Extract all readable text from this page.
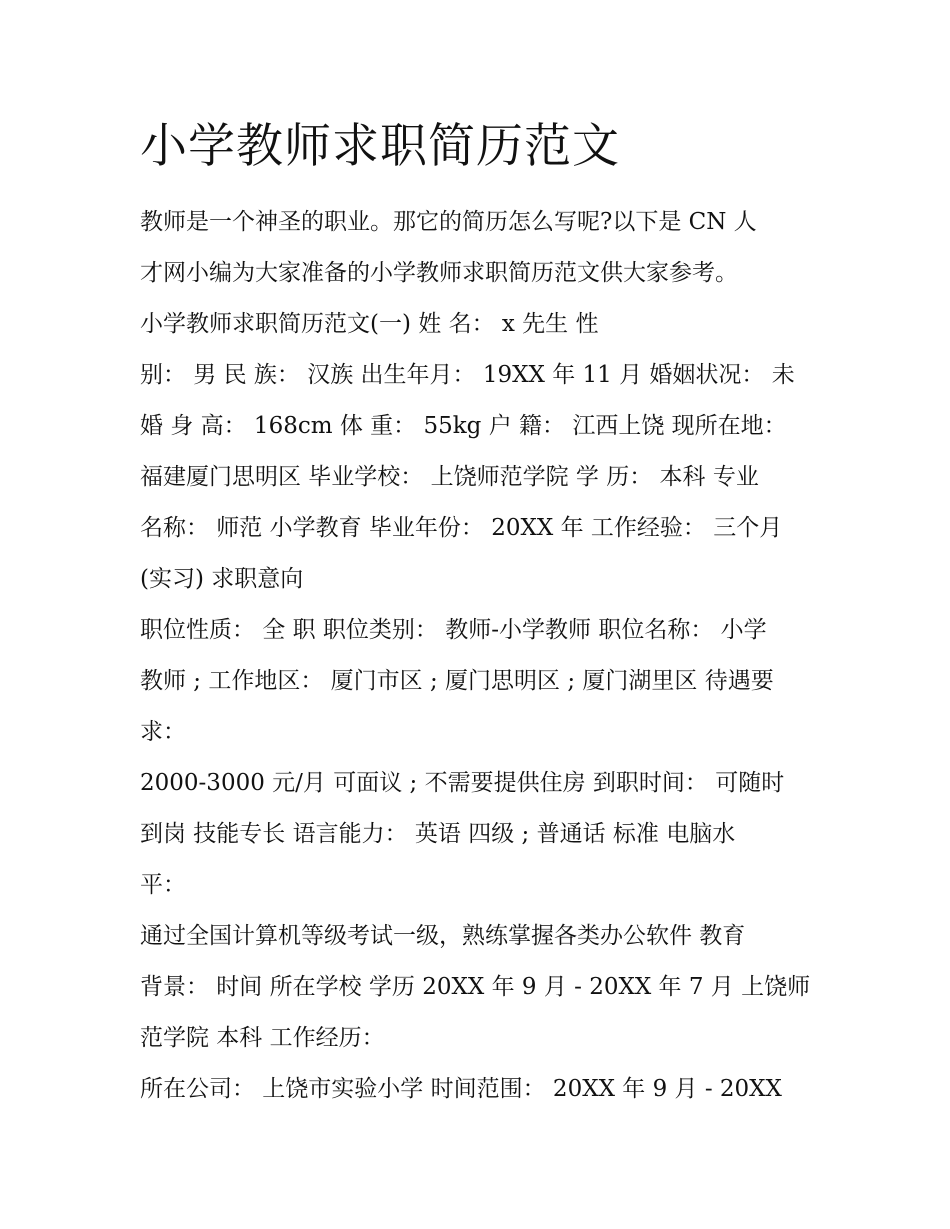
小学教师求职简历范文
教师是一个神圣的职业。那它的简历怎么写呢?以下是 CN 人
才网小编为大家准备的小学教师求职简历范文供大家参考。
小学教师求职简历范文(一) 姓 名： x 先生 性
别： 男 民 族： 汉族 出生年月： 19XX 年 11 月 婚姻状况： 未
婚 身 高： 168cm 体 重： 55kg 户 籍： 江西上饶 现所在地：
福建厦门思明区 毕业学校： 上饶师范学院 学 历： 本科 专业
名称： 师范 小学教育 毕业年份： 20XX 年 工作经验： 三个月
(实习) 求职意向
职位性质： 全 职 职位类别： 教师-小学教师 职位名称： 小学
教师 ; 工作地区： 厦门市区 ; 厦门思明区 ; 厦门湖里区 待遇要
求：
2000-3000 元/月 可面议 ; 不需要提供住房 到职时间： 可随时
到岗 技能专长 语言能力： 英语 四级 ; 普通话 标准 电脑水
平：
通过全国计算机等级考试一级，熟练掌握各类办公软件 教育
背景： 时间 所在学校 学历 20XX 年 9 月 - 20XX 年 7 月 上饶师
范学院 本科 工作经历：
所在公司： 上饶市实验小学 时间范围： 20XX 年 9 月 - 20XX
